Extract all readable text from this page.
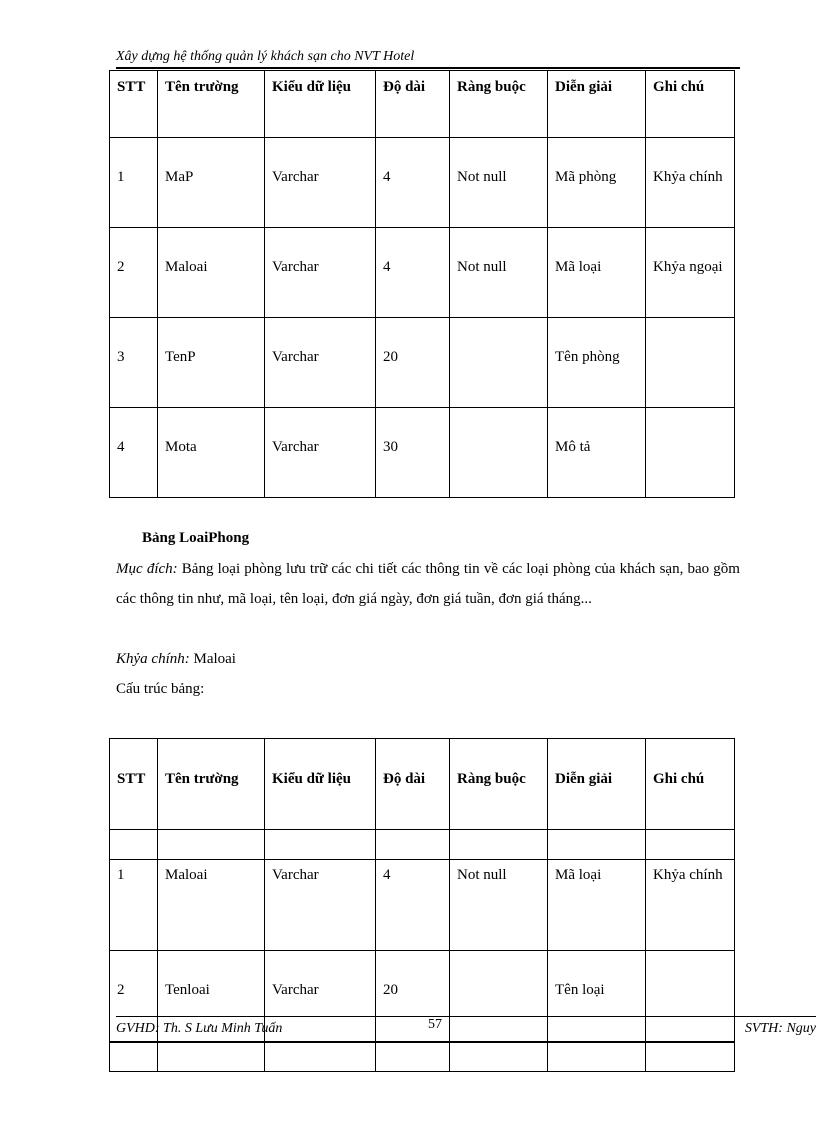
Xây dựng hệ thống quản lý khách sạn cho NVT Hotel
STT	Tên trường	Kiểu dữ liệu	Độ dài	Ràng buộc	Diễn giải	Ghi chú
1	MaP	Varchar	4	Not null	Mã phòng	Khỷa chính
2	Maloai	Varchar	4	Not null	Mã loại	Khỷa ngoại
3	TenP	Varchar	20		Tên phòng	
4	Mota	Varchar	30		Mô tả	
Bảng LoaiPhong
Mục đích: Bảng loại phòng lưu trữ các chi tiết các thông tin về các loại phòng của khách sạn, bao gồm các thông tin như, mã loại, tên loại, đơn giá ngày, đơn giá tuần, đơn giá tháng...
Khỷa chính: Maloai
Cấu trúc bảng:
STT	Tên trường	Kiểu dữ liệu	Độ dài	Ràng buộc	Diễn giải	Ghi chú

1	Maloai	Varchar	4	Not null	Mã loại	Khỷa chính
2	Tenloai	Varchar	20		Tên loại	

GVHD: Th. S Lưu Minh Tuấn	57	SVTH: Nguy
